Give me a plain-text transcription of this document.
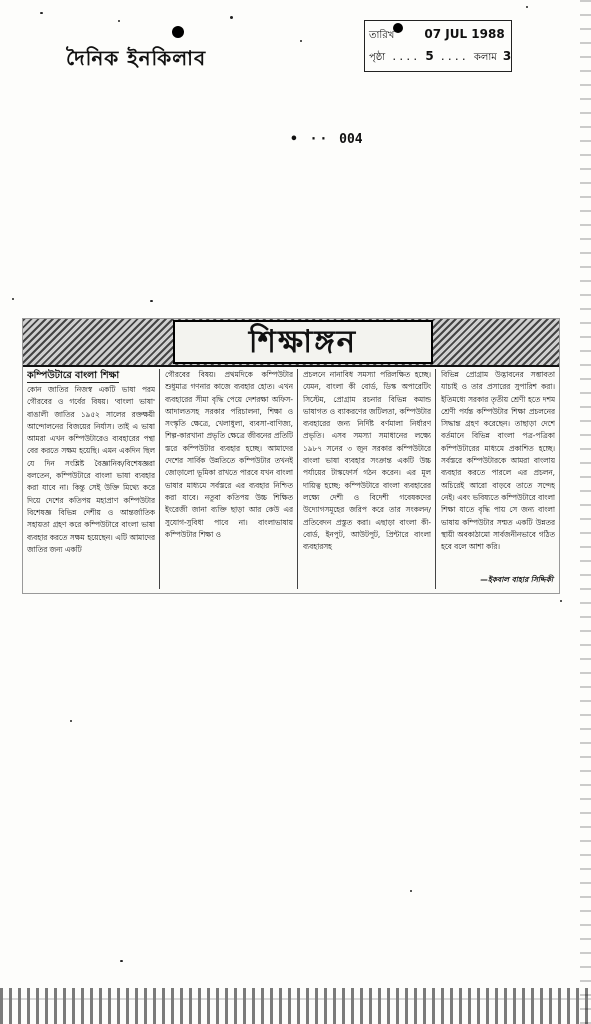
দৈনিক ইনকিলাব
তারিখ	07 JUL 1988
পৃষ্ঠা .... 5 .... কলাম 3
• ·· 004
শিক্ষাঙ্গন
কম্পিউটারে বাংলা শিক্ষা

কোন জাতির নিজস্ব একটি ভাষা পরম গৌরবের ও গর্বের বিষয়। 'বাংলা ভাষা' বাঙালী জাতির ১৯৫২ সালের রক্তক্ষয়ী আন্দোলনের বিজয়ের নির্যাস। তাই এ ভাষা আমরা এখন কম্পিউটারেও ব্যবহারের পন্থা বের করতে সক্ষম হয়েছি। এমন একদিন ছিল যে দিন সংশ্লিষ্ট বৈজ্ঞানিক/বিশেষজ্ঞরা বলতেন, কম্পিউটারে বাংলা ভাষা ব্যবহার করা যাবে না। কিন্তু সেই উক্তি মিথ্যে করে দিয়ে দেশের কতিপয় মহাপ্রাণ কম্পিউটার বিশেষজ্ঞ বিভিন্ন দেশীয় ও আন্তর্জাতিক সহায়তা গ্রহণ করে কম্পিউটারে বাংলা ভাষা ব্যবহার করতে সক্ষম হয়েছেন। এটি আমাদের জাতির জন্য একটি

গৌরবের বিষয়। প্রথমদিকে কম্পিউটার শুধুমাত্র গণনার কাজে ব্যবহার হোত। এখন ব্যবহারের সীমা বৃদ্ধি পেয়ে দেশরক্ষা অফিস-আদালতসহ সরকার পরিচালনা, শিক্ষা ও সংস্কৃতি ক্ষেত্রে, খেলাধুলা, ব্যবসা-বাণিজ্য, শিল্প-কারখানা প্রভৃতি ক্ষেত্রে জীবনের প্রতিটি স্তরে কম্পিউটার ব্যবহার হচ্ছে। আমাদের দেশের সার্বিক উন্নতিতে কম্পিউটার তখনই জোড়ালো ভূমিকা রাখতে পারবে যখন বাংলা ভাষার মাধ্যমে সর্বস্তরে এর ব্যবহার নিশ্চিত করা যাবে। নতুবা কতিপয় উচ্চ শিক্ষিত ইংরেজী জানা ব্যক্তি ছাড়া আর কেউ এর সুযোগ-সুবিধা পাবে না। বাংলাভাষায় কম্পিউটার শিক্ষা ও

প্রচলনে নানাবিধ সমস্যা পরিলক্ষিত হচ্ছে। যেমন, বাংলা কী বোর্ড, ডিস্ক অপারেটিং সিস্টেম, প্রোগ্রাম রচনার বিভিন্ন কমান্ড ভাষাগত ও ব্যাকরণের জটিলতা, কম্পিউটার ব্যবহারের জন্য নির্দিষ্ট বর্ণমালা নির্ধারণ প্রভৃতি। এসব সমস্যা সমাধানের লক্ষ্যে ১৯৮৭ সনের ৩ জুন সরকার কম্পিউটারে বাংলা ভাষা ব্যবহার সংক্রান্ত একটি উচ্চ পর্যায়ের টাস্কফোর্স গঠন করেন। এর মূল দায়িত্ব হচ্ছে: কম্পিউটারে বাংলা ব্যবহারের লক্ষ্যে দেশী ও বিদেশী গবেষকদের উদ্যোগসমূহের জরিপ করে তার সংকলন/প্রতিবেদন প্রস্তুত করা। এছাড়া বাংলা কী-বোর্ড, ইনপুট, আউটপুট, প্রিন্টারে বাংলা ব্যবহারসহ

বিভিন্ন প্রোগ্রাম উদ্ভাবনের সম্ভাবতা যাচাই ও তার প্রসারের সুপারিশ করা। ইতিমধ্যে সরকার তৃতীয় শ্রেণী হতে দশম শ্রেণী পর্যন্ত কম্পিউটার শিক্ষা প্রচলনের সিদ্ধান্ত গ্রহণ করেছেন। তাছাড়া দেশে বর্তমানে বিভিন্ন বাংলা পত্র-পত্রিকা কম্পিউটারের মাধ্যমে প্রকাশিত হচ্ছে। সর্বস্তরে কম্পিউটারকে আমরা বাংলায় ব্যবহার করতে পারলে এর প্রচলন, অচিরেই আরো বাড়বে তাতে সন্দেহ নেই। এবং ভবিষ্যতে কম্পিউটারে বাংলা শিক্ষা যাতে বৃদ্ধি পায় সে জন্য বাংলা ভাষায় কম্পিউটার সম্মত একটি উন্নতর স্থায়ী অবকাঠামো সার্বজনীনভাবে গঠিত হবে বলে আশা করি।

—ইকবাল বাহার সিদ্দিকী
